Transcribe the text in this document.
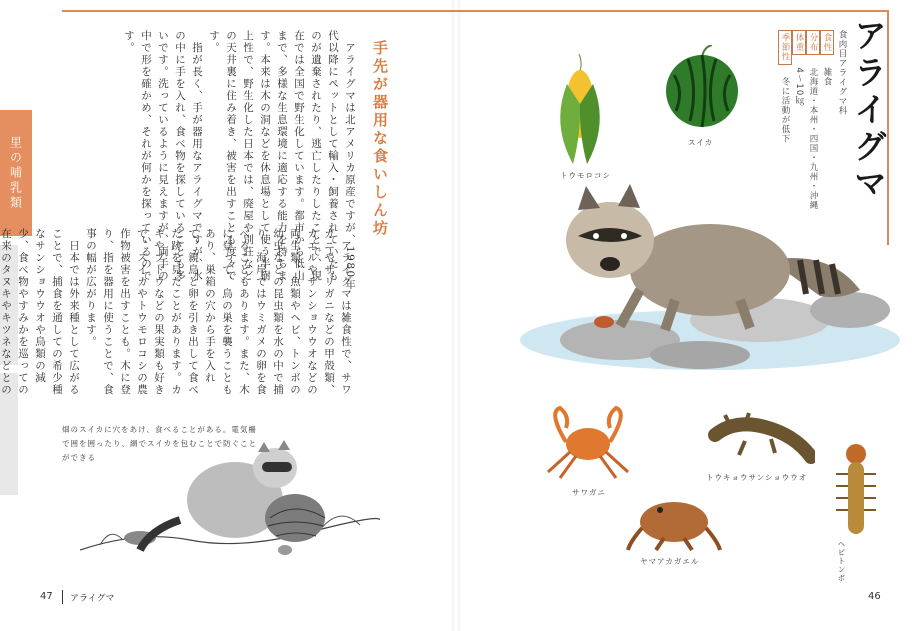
里の哺乳類	アライグマ
食肉目アライグマ科
食性　雑食
分布　北海道・本州・四国・九州・沖縄
体重　4〜10㎏
季節性　冬に活動が低下
手先が器用な食いしん坊
畑のスイカに穴をあけ、食べることがある。電気柵で囲を囲ったり、網でスイカを包むことで防ぐことができる
トウモロコシ
スイカ
サワガニ
トウキョウサンショウウオ
ヤマアカガエル	ヘビトンボ
47 アライグマ	46
　アライグマは北アメリカ原産ですが、1980年代以降にペットとして輸入・飼養されていたものが遺棄されたり、逃亡したりしたことで、現在では全国で野生化しています。都市から低山まで、多様な生息環境に適応する能力を持ちます。本来は木の洞などを休息場として使う半樹上性で、野生化した日本では、廃屋や別荘などの天井裏に住み着き、被害を出すことも度々です。
　指が長く、手が器用なアライグマですが、水の中に手を入れ、食べ物を探していることも多いです。洗っているように見えますが、両手の中で形を確かめ、それが何かを探っているのです。

　アライグマは雑食性で、サワガニやザリガニなどの甲殻類、カエルやサンショウウオなどの両生類、魚類やヘビ、トンボの幼虫などの昆虫類を水の中で捕り、海岸ではウミガメの卵を食べることもあります。また、木に登って、鳥の巣を襲うこともあり、巣箱の穴から手を入れて、親鳥と卵を引き出して食べた跡を見たことがあります。カキやブドウなどの果実類も好きで、スイカやトウモロコシの農作物被害を出すことも。木に登り、指を器用に使うことで、食事の幅が広がります。
　日本では外来種として広がることで、捕食を通しての希少種なサンショウウオや鳥類の減少、食べ物やすみかを巡っての在来のタヌキやキツネなどとの
